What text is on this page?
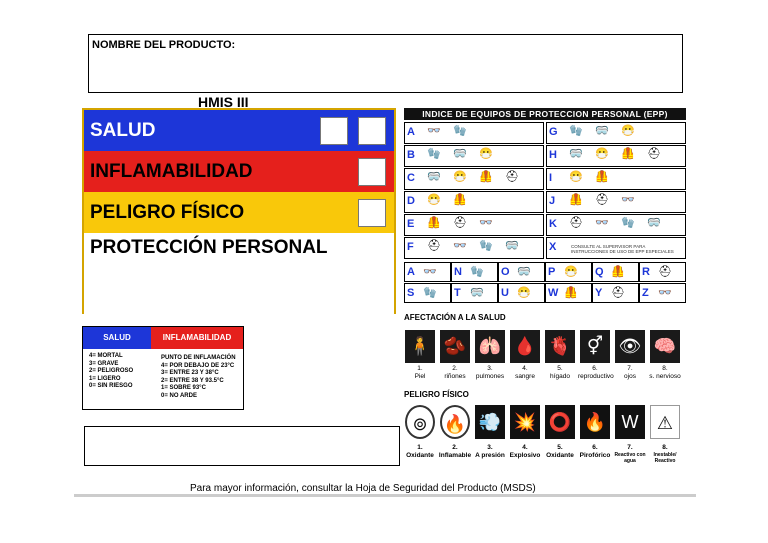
NOMBRE DEL PRODUCTO:
HMIS III
SALUD
INFLAMABILIDAD
PELIGRO FÍSICO
PROTECCIÓN PERSONAL
INDICE DE EQUIPOS DE PROTECCION PERSONAL (EPP)
A 👓 🧤	G 🧤 🥽 😷
B 🧤 🥽 😷	H 🥽 😷 🦺 ⛑
C 🥽 😷 🦺 ⛑	I 😷 🦺
D 😷 🦺	J 🦺 ⛑ 👓
E 🦺 ⛑ 👓	K ⛑ 👓 🧤 🥽
F ⛑ 👓 🧤 🥽	X	CONSULTE AL SUPERVISOR PARA INSTRUCCIONES DE USO DE EPP ESPECIALES
A 👓 N 🧤 O 🥽 P 😷 Q 🦺 R ⛑
S 🧤 T 🥽 U 😷 W 🦺 Y ⛑ Z 👓
AFECTACIÓN A LA SALUD
🧍
1.
Piel
🫘
2.
riñones
🫁
3.
pulmones
🩸
4.
sangre
🫀
5.
hígado
⚥
6.
reproductivo
👁
7.
ojos
🧠
8.
s. nervioso
PELIGRO FÍSICO
⊚
1.
Oxidante
🔥
2.
Inflamable
💨
3.
A presión
💥
4.
Explosivo
⭕
5.
Oxidante
🔥
6.
Pirofórico
W
7.
Reactivo con agua
⚠
8.
Inestable/ Reactivo
SALUD	INFLAMABILIDAD
4= MORTAL
3= GRAVE
2= PELIGROSO
1= LIGERO
0= SIN RIESGO
PUNTO DE INFLAMACIÓN
4= POR DEBAJO DE 23°C
3= ENTRE 23 Y 38°C
2= ENTRE 38 Y 93.5°C
1= SOBRE 93°C
0= NO ARDE
Para mayor información, consultar la Hoja de Seguridad del Producto (MSDS)
